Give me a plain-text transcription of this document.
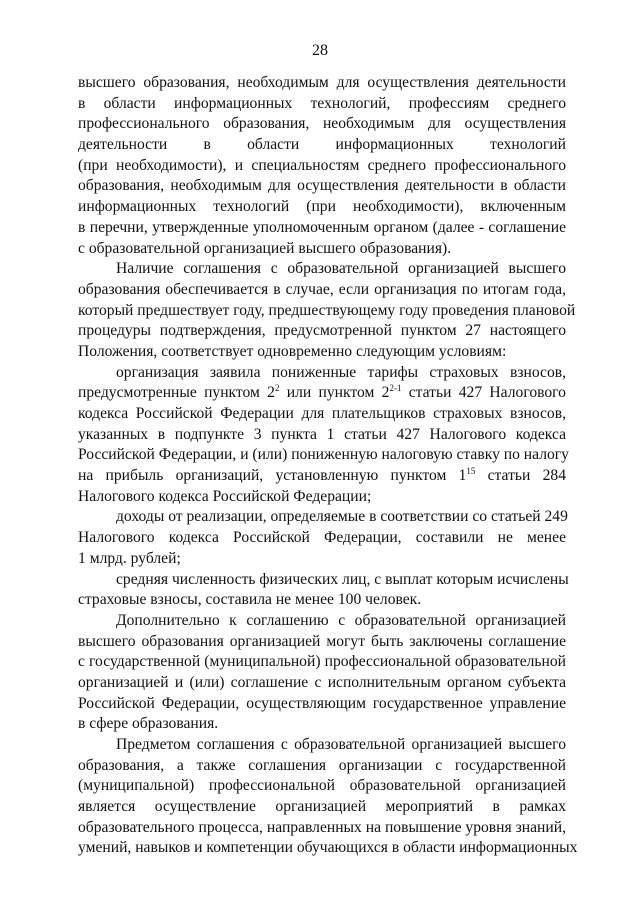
28
высшего образования, необходимым для осуществления деятельности
в области информационных технологий, профессиям среднего
профессионального образования, необходимым для осуществления
деятельности в области информационных технологий
(при необходимости), и специальностям среднего профессионального
образования, необходимым для осуществления деятельности в области
информационных технологий (при необходимости), включенным
в перечни, утвержденные уполномоченным органом (далее - соглашение
с образовательной организацией высшего образования).
Наличие соглашения с образовательной организацией высшего
образования обеспечивается в случае, если организация по итогам года,
который предшествует году, предшествующему году проведения плановой
процедуры подтверждения, предусмотренной пунктом 27 настоящего
Положения, соответствует одновременно следующим условиям:
организация заявила пониженные тарифы страховых взносов,
предусмотренные пунктом $2^2$ или пунктом 2$^{2-1}$ статьи 427 Налогового
кодекса Российской Федерации для плательщиков страховых взносов,
указанных в подпункте 3 пункта 1 статьи 427 Налогового кодекса
Российской Федерации, и (или) пониженную налоговую ставку по налогу
на прибыль организаций, установленную пунктом $1^{15}$ статьи 284
Налогового кодекса Российской Федерации;
доходы от реализации, определяемые в соответствии со статьей 249
Налогового кодекса Российской Федерации, составили не менее
1 млрд. рублей;
средняя численность физических лиц, с выплат которым исчислены
страховые взносы, составила не менее 100 человек.
Дополнительно к соглашению с образовательной организацией
высшего образования организацией могут быть заключены соглашение
с государственной (муниципальной) профессиональной образовательной
организацией и (или) соглашение с исполнительным органом субъекта
Российской Федерации, осуществляющим государственное управление
в сфере образования.
Предметом соглашения с образовательной организацией высшего
образования, а также соглашения организации с государственной
(муниципальной) профессиональной образовательной организацией
является осуществление организацией мероприятий в рамках
образовательного процесса, направленных на повышение уровня знаний,
умений, навыков и компетенции обучающихся в области информационных
